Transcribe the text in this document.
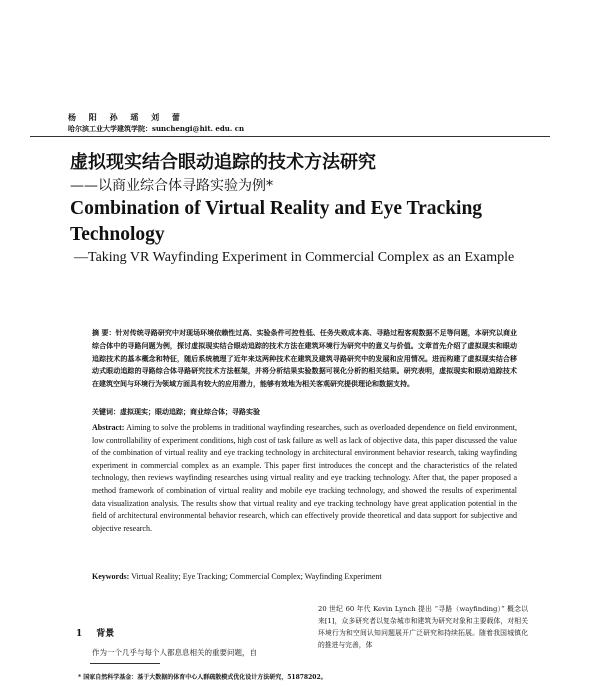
杨 阳 孙 瑶 刘 蕾
哈尔滨工业大学建筑学院：sunchengi@hit. edu. cn
虚拟现实结合眼动追踪的技术方法研究
——以商业综合体寻路实验为例*
Combination of Virtual Reality and Eye Tracking Technology
—Taking VR Wayfinding Experiment in Commercial Complex as an Example
摘 要：针对传统寻路研究中对现场环境依赖性过高、实验条件可控性低、任务失败成本高、寻路过程客观数据不足等问题，本研究以商业综合体中的寻路问题为例，探讨虚拟现实结合眼动追踪的技术方法在建筑环境行为研究中的意义与价值。文章首先介绍了虚拟现实和眼动追踪技术的基本概念和特征，随后系统梳理了近年来这两种技术在建筑及建筑寻路研究中的发展和应用情况。进而构建了虚拟现实结合移动式眼动追踪的寻路综合体寻路研究技术方法框架，并将分析结果实验数据可视化分析的相关结果。研究表明，虚拟现实和眼动追踪技术在建筑空间与环境行为领域方面具有较大的应用潜力，能够有效地为相关客观研究提供理论和数据支持。
关键词：虚拟现实；眼动追踪；商业综合体；寻路实验
Abstract: Aiming to solve the problems in traditional wayfinding researches, such as overloaded dependence on field environment, low controllability of experiment conditions, high cost of task failure as well as lack of objective data, this paper discussed the value of the combination of virtual reality and eye tracking technology in architectural environment behavior research, taking wayfinding experiment in commercial complex as an example. This paper first introduces the concept and the characteristics of the related technology, then reviews wayfinding researches using virtual reality and eye tracking technology. After that, the paper proposed a method framework of combination of virtual reality and mobile eye tracking technology, and showed the results of experimental data visualization analysis. The results show that virtual reality and eye tracking technology have great application potential in the field of architectural environmental behavior research, which can effectively provide theoretical and data support for subjective and objective research.
Keywords: Virtual Reality; Eye Tracking; Commercial Complex; Wayfinding Experiment
1 背景
作为一个几乎与每个人都息息相关的重要问题，自
20 世纪 60 年代 Kevin Lynch 提出 “寻路（wayfinding）” 概念以来[1]，众多研究者以复杂城市和建筑为研究对象和主要载体，对相关环境行为和空间认知问题展开广泛研究和持续拓展。随着我国城镇化的推进与完善，体
* 国家自然科学基金：基于大数据的体育中心人群疏散模式优化设计方法研究，51878202。
